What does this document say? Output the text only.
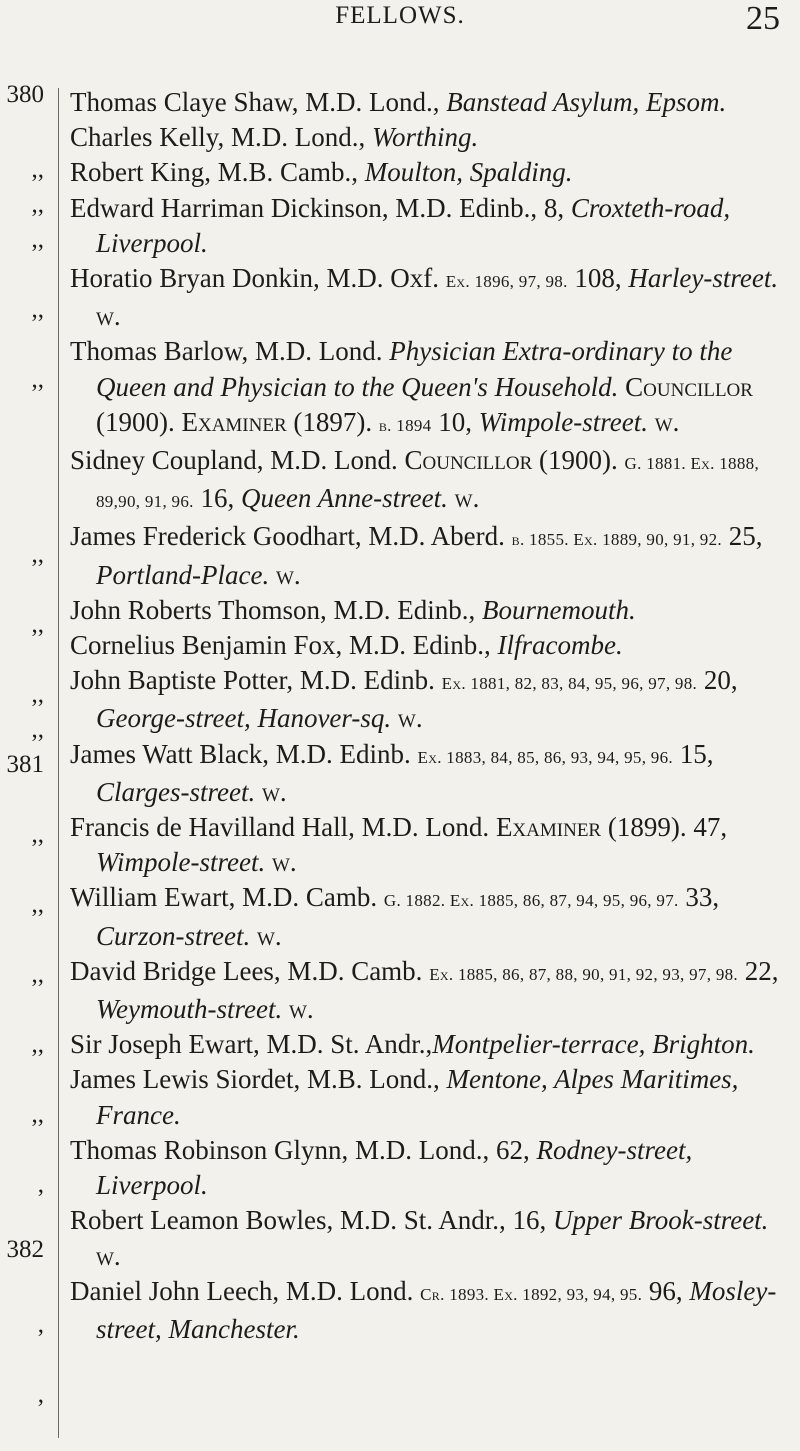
FELLOWS.	25
380
,,
,,
,,
,,
,,
,,
,,
,,
,,
381
,,
,,
,,
,,
,,
,
382
,
,
Thomas Claye Shaw, M.D. Lond., Banstead Asylum, Epsom.
Charles Kelly, M.D. Lond., Worthing.
Robert King, M.B. Camb., Moulton, Spalding.
Edward Harriman Dickinson, M.D. Edinb., 8, Croxteth-road, Liverpool.
Horatio Bryan Donkin, M.D. Oxf. Ex. 1896, 97, 98. 108, Harley-street. w.
Thomas Barlow, M.D. Lond. Physician Extra-ordinary to the Queen and Physician to the Queen's Household. Councillor (1900). Examiner (1897). b. 1894 10, Wimpole-street. w.
Sidney Coupland, M.D. Lond. Councillor (1900). G. 1881. Ex. 1888, 89,90, 91, 96. 16, Queen Anne-street. w.
James Frederick Goodhart, M.D. Aberd. b. 1855. Ex. 1889, 90, 91, 92. 25, Portland-Place. w.
John Roberts Thomson, M.D. Edinb., Bournemouth.
Cornelius Benjamin Fox, M.D. Edinb., Ilfracombe.
John Baptiste Potter, M.D. Edinb. Ex. 1881, 82, 83, 84, 95, 96, 97, 98. 20, George-street, Hanover-sq. w.
James Watt Black, M.D. Edinb. Ex. 1883, 84, 85, 86, 93, 94, 95, 96. 15, Clarges-street. w.
Francis de Havilland Hall, M.D. Lond. Examiner (1899). 47, Wimpole-street. w.
William Ewart, M.D. Camb. G. 1882. Ex. 1885, 86, 87, 94, 95, 96, 97. 33, Curzon-street. w.
David Bridge Lees, M.D. Camb. Ex. 1885, 86, 87, 88, 90, 91, 92, 93, 97, 98. 22, Weymouth-street. w.
Sir Joseph Ewart, M.D. St. Andr.,Montpelier-terrace, Brighton.
James Lewis Siordet, M.B. Lond., Mentone, Alpes Maritimes, France.
Thomas Robinson Glynn, M.D. Lond., 62, Rodney-street, Liverpool.
Robert Leamon Bowles, M.D. St. Andr., 16, Upper Brook-street. w.
Daniel John Leech, M.D. Lond. Cr. 1893. Ex. 1892, 93, 94, 95. 96, Mosley-street, Manchester.
